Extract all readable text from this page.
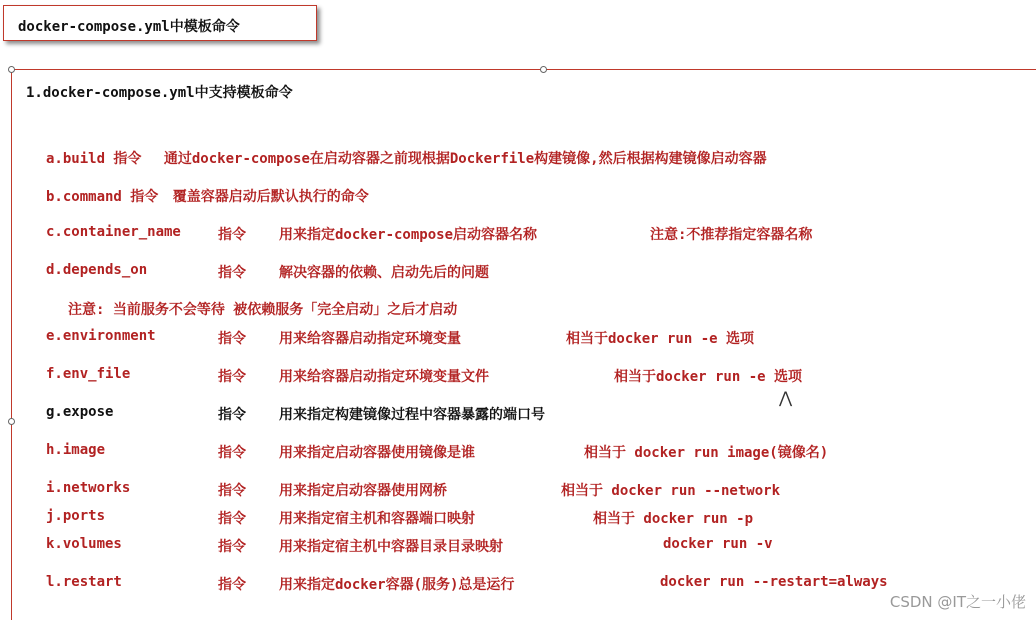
docker-compose.yml中模板命令
1.docker-compose.yml中支持模板命令
a.build 指令 通过docker-compose在启动容器之前现根据Dockerfile构建镜像,然后根据构建镜像启动容器
b.command 指令 覆盖容器启动后默认执行的命令
c.container_name	指令 用来指定docker-compose启动容器名称	注意:不推荐指定容器名称
d.depends_on	指令 解决容器的依赖、启动先后的问题
注意: 当前服务不会等待 被依赖服务「完全启动」之后才启动
e.environment	指令 用来给容器启动指定环境变量	相当于docker run -e 选项
f.env_file	指令 用来给容器启动指定环境变量文件	相当于docker run -e 选项
g.expose	指令 用来指定构建镜像过程中容器暴露的端口号
h.image	指令 用来指定启动容器使用镜像是谁	相当于 docker run image(镜像名)
i.networks	指令 用来指定启动容器使用网桥	相当于 docker run --network
j.ports	指令 用来指定宿主机和容器端口映射	相当于 docker run -p
k.volumes	指令 用来指定宿主机中容器目录目录映射	docker run -v
l.restart	指令 用来指定docker容器(服务)总是运行	docker run --restart=always
⋀
CSDN @IT之一小佬
